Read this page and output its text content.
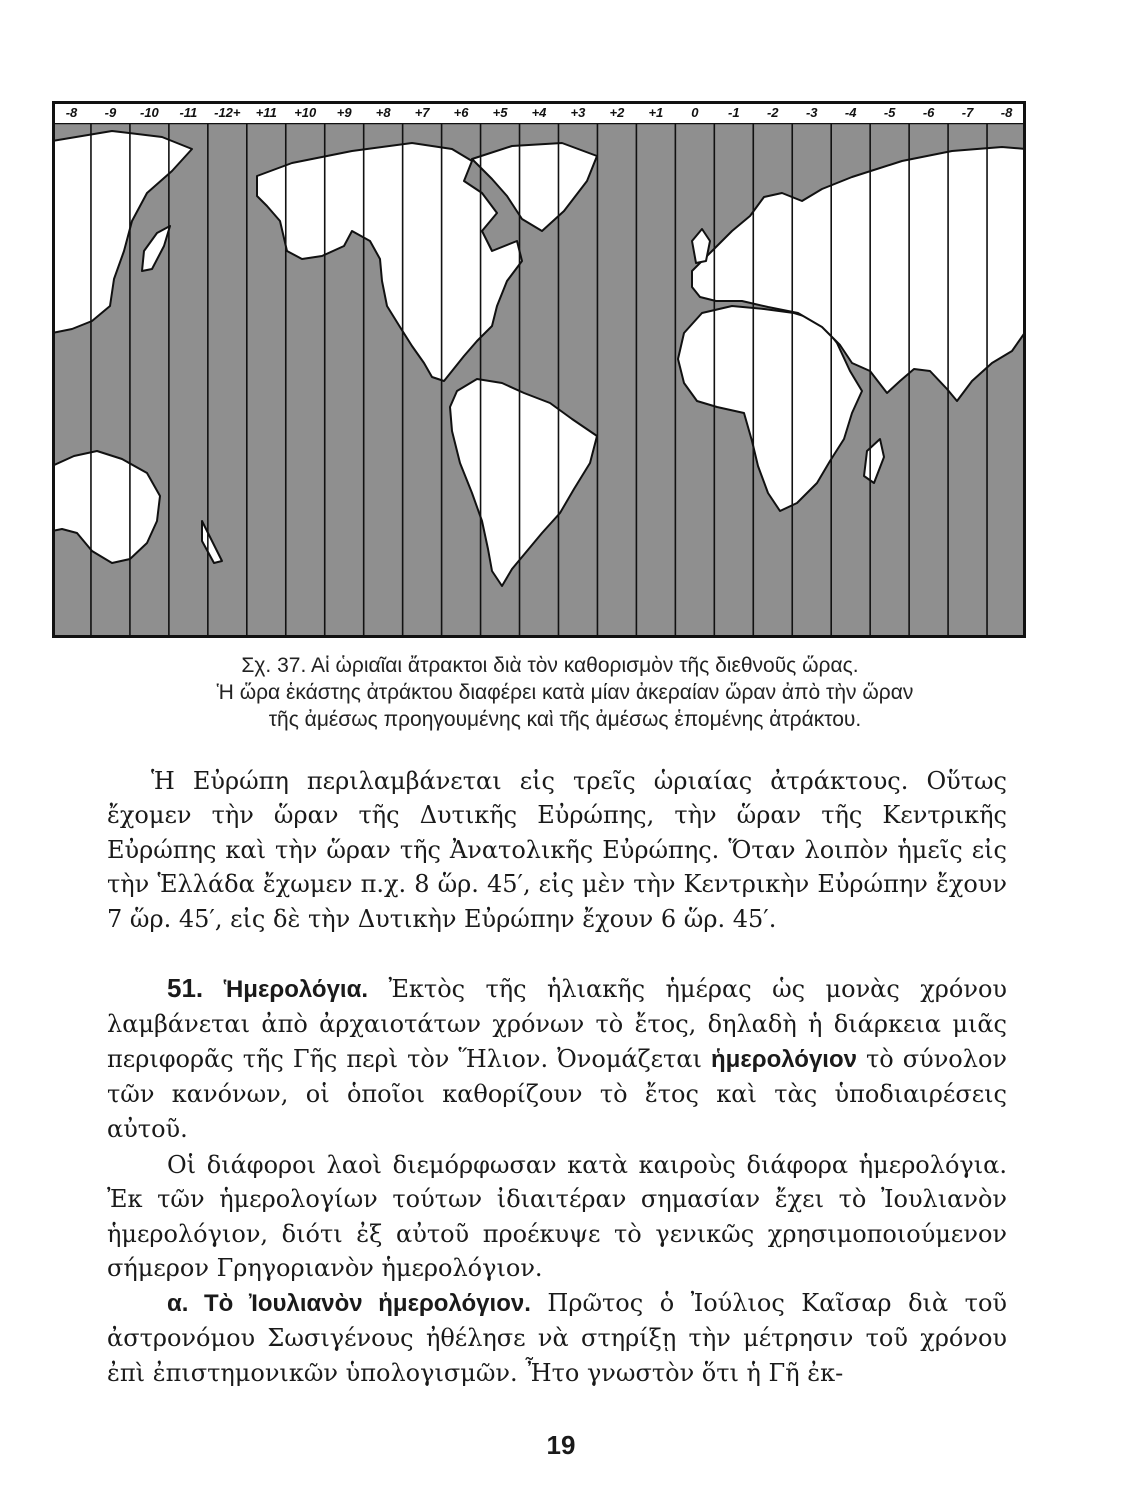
-8 -9 -10 -11 -12+ +11 +10 +9 +8 +7 +6 +5 +4 +3 +2 +1 0 -1 -2 -3 -4 -5 -6 -7 -8
Σχ. 37. Αἱ ὡριαῖαι ἄτρακτοι διὰ τὸν καθορισμὸν τῆς διεθνοῦς ὥρας.
Ἡ ὥρα ἑκάστης ἀτράκτου διαφέρει κατὰ μίαν ἀκεραίαν ὥραν ἀπὸ τὴν ὥραν
τῆς ἀμέσως προηγουμένης καὶ τῆς ἀμέσως ἑπομένης ἀτράκτου.
Ἡ Εὐρώπη περιλαμβάνεται εἰς τρεῖς ὡριαίας ἀτράκτους. Οὕτως ἔχομεν τὴν ὥραν τῆς Δυτικῆς Εὐρώπης, τὴν ὥραν τῆς Κεντρικῆς Εὐρώπης καὶ τὴν ὥραν τῆς Ἀνατολικῆς Εὐρώπης. Ὅταν λοιπὸν ἡμεῖς εἰς τὴν Ἑλλάδα ἔχωμεν π.χ. 8 ὥρ. 45′, εἰς μὲν τὴν Κεντρικὴν Εὐρώπην ἔχουν 7 ὥρ. 45′, εἰς δὲ τὴν Δυτικὴν Εὐρώπην ἔχουν 6 ὥρ. 45′.
51. Ἡμερολόγια. Ἐκτὸς τῆς ἡλιακῆς ἡμέρας ὡς μονὰς χρόνου λαμβάνεται ἀπὸ ἀρχαιοτάτων χρόνων τὸ ἔτος, δηλαδὴ ἡ διάρκεια μιᾶς περιφορᾶς τῆς Γῆς περὶ τὸν Ἥλιον. Ὀνομάζεται ἡμερολόγιον τὸ σύνολον τῶν κανόνων, οἱ ὁποῖοι καθορίζουν τὸ ἔτος καὶ τὰς ὑποδιαιρέσεις αὐτοῦ.
Οἱ διάφοροι λαοὶ διεμόρφωσαν κατὰ καιροὺς διάφορα ἡμερολόγια. Ἐκ τῶν ἡμερολογίων τούτων ἰδιαιτέραν σημασίαν ἔχει τὸ Ἰουλιανὸν ἡμερολόγιον, διότι ἐξ αὐτοῦ προέκυψε τὸ γενικῶς χρησιμοποιούμενον σήμερον Γρηγοριανὸν ἡμερολόγιον.
α. Τὸ Ἰουλιανὸν ἡμερολόγιον. Πρῶτος ὁ Ἰούλιος Καῖσαρ διὰ τοῦ ἀστρονόμου Σωσιγένους ἠθέλησε νὰ στηρίξῃ τὴν μέτρησιν τοῦ χρόνου ἐπὶ ἐπιστημονικῶν ὑπολογισμῶν. Ἦτο γνωστὸν ὅτι ἡ Γῆ ἐκ-
19
